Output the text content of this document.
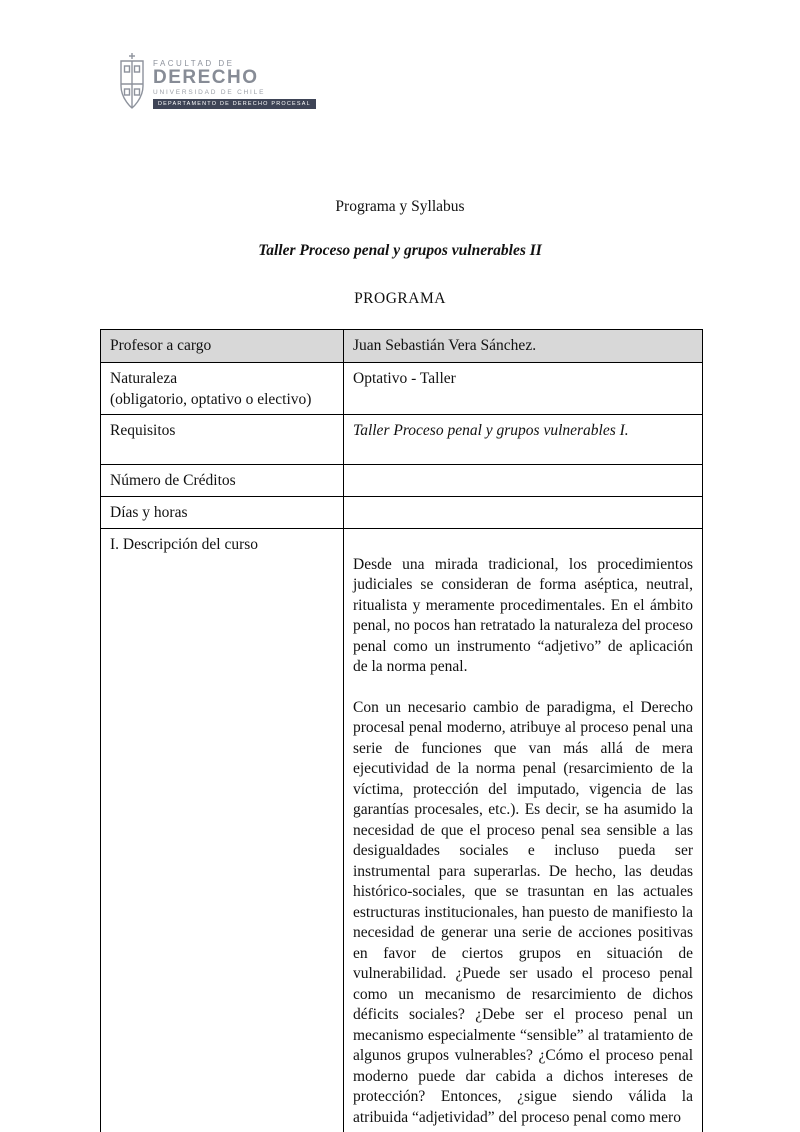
FACULTAD DE
DERECHO
UNIVERSIDAD DE CHILE
DEPARTAMENTO DE DERECHO PROCESAL

Programa y Syllabus

Taller Proceso penal y grupos vulnerables II

PROGRAMA

Profesor a cargo	Juan Sebastián Vera Sánchez.

Naturaleza
(obligatorio, optativo o electivo)	Optativo - Taller
Requisitos	Taller Proceso penal y grupos vulnerables I.
Número de Créditos	
Días y horas	
I. Descripción del curso	Desde una mirada tradicional, los procedimientos judiciales se consideran de forma aséptica, neutral, ritualista y meramente procedimentales. En el ámbito penal, no pocos han retratado la naturaleza del proceso penal como un instrumento “adjetivo” de aplicación de la norma penal.

Con un necesario cambio de paradigma, el Derecho procesal penal moderno, atribuye al proceso penal una serie de funciones que van más allá de mera ejecutividad de la norma penal (resarcimiento de la víctima, protección del imputado, vigencia de las garantías procesales, etc.). Es decir, se ha asumido la necesidad de que el proceso penal sea sensible a las desigualdades sociales e incluso pueda ser instrumental para superarlas. De hecho, las deudas histórico-sociales, que se trasuntan en las actuales estructuras institucionales, han puesto de manifiesto la necesidad de generar una serie de acciones positivas en favor de ciertos grupos en situación de vulnerabilidad. ¿Puede ser usado el proceso penal como un mecanismo de resarcimiento de dichos déficits sociales? ¿Debe ser el proceso penal un mecanismo especialmente “sensible” al tratamiento de algunos grupos vulnerables? ¿Cómo el proceso penal moderno puede dar cabida a dichos intereses de protección? Entonces, ¿sigue siendo válida la atribuida “adjetividad” del proceso penal como mero
